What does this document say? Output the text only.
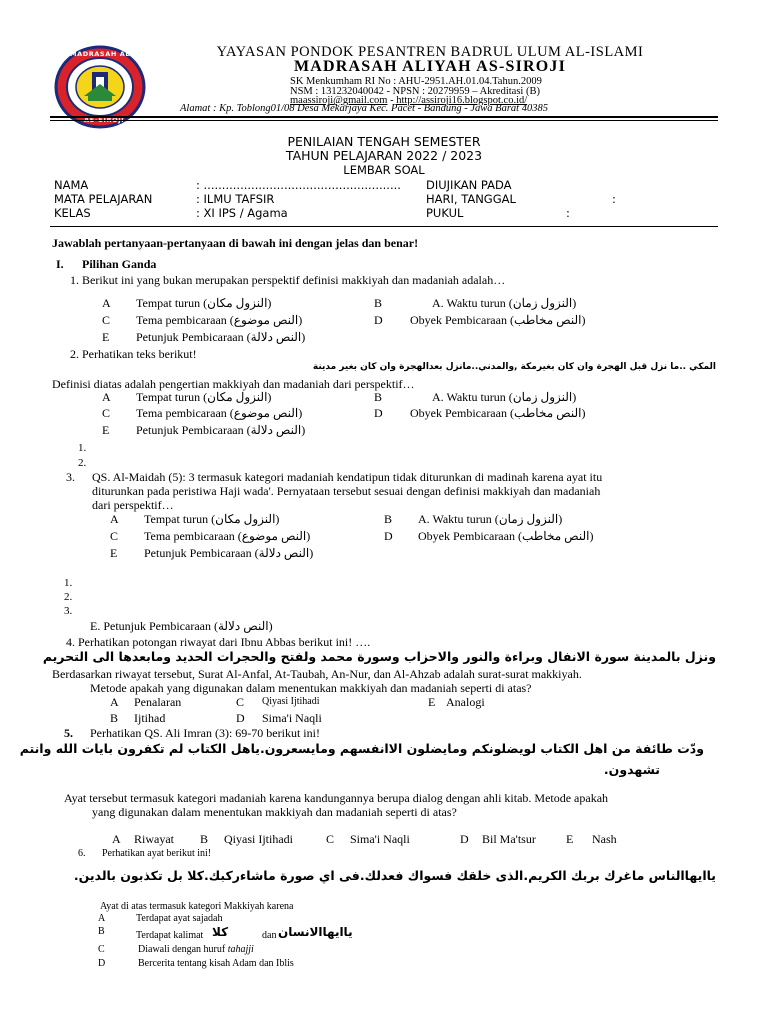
MADRASAH ALIYAH
AS-SIROJI
YAYASAN PONDOK PESANTREN BADRUL ULUM AL-ISLAMI
MADRASAH ALIYAH AS-SIROJI
SK Menkumham RI No : AHU-2951.AH.01.04.Tahun.2009
NSM : 131232040042 - NPSN : 20279959 – Akreditasi (B)
maassiroji@gmail.com - http://assiroji16.blogspot.co.id/
Alamat : Kp. Toblong01/08 Desa Mekarjaya Kec. Pacet - Bandung - Jawa Barat 40385
PENILAIAN TENGAH SEMESTER
TAHUN PELAJARAN 2022 / 2023
LEMBAR SOAL
NAMA	: ...................................................... DIUJIKAN PADA
MATA PELAJARAN	: ILMU TAFSIR	HARI, TANGGAL	:
KELAS	: XI IPS / Agama	PUKUL	:
Jawablah pertanyaan-pertanyaan di bawah ini dengan jelas dan benar!
I. Pilihan Ganda
1. Berikut ini yang bukan merupakan perspektif definisi makkiyah dan madaniah adalah…
A Tempat turun (النزول مكان)	B	A. Waktu turun (النزول زمان)
C Tema pembicaraan (النص موضوع)	D Obyek Pembicaraan (النص مخاطب)
E Petunjuk Pembicaraan (النص دلالة)
2. Perhatikan teks berikut!
المكي ..ما نزل قبل الهجرة وان كان بغيرمكة ,والمدني..مانزل بعدالهجرة وان كان بغير مدينة
Definisi diatas adalah pengertian makkiyah dan madaniah dari perspektif…
A Tempat turun (النزول مكان)	B	A. Waktu turun (النزول زمان)
C Tema pembicaraan (النص موضوع)	D Obyek Pembicaraan (النص مخاطب)
E Petunjuk Pembicaraan (النص دلالة)
1.
2.
3. QS. Al-Maidah (5): 3 termasuk kategori madaniah kendatipun tidak diturunkan di madinah karena ayat itu
diturunkan pada peristiwa Haji wada'. Pernyataan tersebut sesuai dengan definisi makkiyah dan madaniah
dari perspektif…
A Tempat turun (النزول مكان)	B A. Waktu turun (النزول زمان)
C Tema pembicaraan (النص موضوع)	D Obyek Pembicaraan (النص مخاطب)
E Petunjuk Pembicaraan (النص دلالة)
1.
2.
3.
E. Petunjuk Pembicaraan (النص دلالة)
4. Perhatikan potongan riwayat dari Ibnu Abbas berikut ini! ….
ونزل بالمدينة سورة الانفال وبراءة والنور والاحزاب وسورة محمد ولفتح والحجرات الحديد ومابعدها الى التحريم
Berdasarkan riwayat tersebut, Surat Al-Anfal, At-Taubah, An-Nur, dan Al-Ahzab adalah surat-surat makkiyah.
Metode apakah yang digunakan dalam menentukan makkiyah dan madaniah seperti di atas?
A Penalaran	C Qiyasi Ijtihadi	E Analogi
B Ijtihad	D Sima'i Naqli
5. Perhatikan QS. Ali Imran (3): 69-70 berikut ini!
ودّت طائفة من اهل الكتاب لويضلونكم ومايضلون الاانفسهم ومايسعرون.ياهل الكتاب لم تكفرون بايات الله وانتم
تشهدون.
Ayat tersebut termasuk kategori madaniah karena kandungannya berupa dialog dengan ahli kitab. Metode apakah
yang digunakan dalam menentukan makkiyah dan madaniah seperti di atas?
A Riwayat B Qiyasi Ijtihadi	C Sima'i Naqli	D Bil Ma'tsur	E Nash
6. Perhatikan ayat berikut ini!
ياايهاالناس ماغرك بربك الكريم.الذى خلقك فسواك فعدلك.فى اي صورة ماشاءركبك.كلا بل تكذبون بالدين.
Ayat di atas termasuk kategori Makkiyah karena
A	Terdapat ayat sajadah
B	Terdapat kalimat كلا	dan ياايهاالانسان
C	Diawali dengan huruf tahajji
D	Bercerita tentang kisah Adam dan Iblis
